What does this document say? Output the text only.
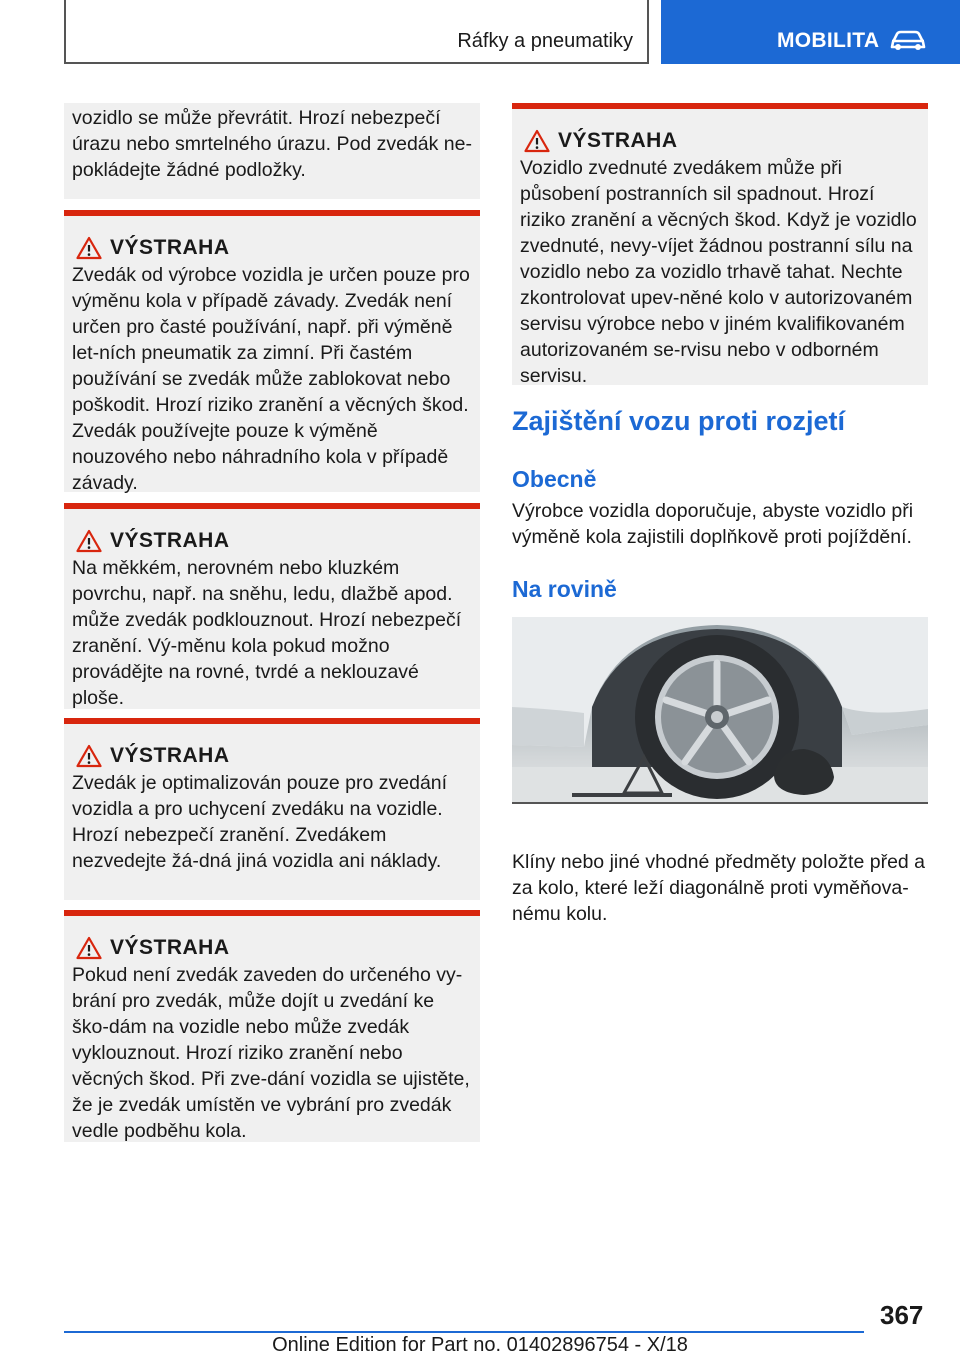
Ráfky a pneumatiky	MOBILITA

vozidlo se může převrátit. Hrozí nebezpečí úrazu nebo smrtelného úrazu. Pod zvedák ne-pokládejte žádné podložky.

VÝSTRAHA

Zvedák od výrobce vozidla je určen pouze pro výměnu kola v případě závady. Zvedák není určen pro časté používání, např. při výměně let-ních pneumatik za zimní. Při častém používání se zvedák může zablokovat nebo poškodit. Hrozí riziko zranění a věcných škod. Zvedák používejte pouze k výměně nouzového nebo náhradního kola v případě závady.

VÝSTRAHA

Na měkkém, nerovném nebo kluzkém povrchu, např. na sněhu, ledu, dlažbě apod. může zvedák podklouznout. Hrozí nebezpečí zranění. Vý-měnu kola pokud možno provádějte na rovné, tvrdé a neklouzavé ploše.

VÝSTRAHA

Zvedák je optimalizován pouze pro zvedání vozidla a pro uchycení zvedáku na vozidle. Hrozí nebezpečí zranění. Zvedákem nezvedejte žá-dná jiná vozidla ani náklady.

VÝSTRAHA

Pokud není zvedák zaveden do určeného vy-brání pro zvedák, může dojít u zvedání ke ško-dám na vozidle nebo může zvedák vyklouznout. Hrozí riziko zranění nebo věcných škod. Při zve-dání vozidla se ujistěte, že je zvedák umístěn ve vybrání pro zvedák vedle podběhu kola.

VÝSTRAHA

Vozidlo zvednuté zvedákem může při působení postranních sil spadnout. Hrozí riziko zranění a věcných škod. Když je vozidlo zvednuté, nevy-víjet žádnou postranní sílu na vozidlo nebo za vozidlo trhavě tahat. Nechte zkontrolovat upev-něné kolo v autorizovaném servisu výrobce nebo v jiném kvalifikovaném autorizovaném se-rvisu nebo v odborném servisu.

Zajištění vozu proti rozjetí
Obecně

Výrobce vozidla doporučuje, abyste vozidlo při výměně kola zajistili doplňkově proti pojíždění.

Na rovině

Klíny nebo jiné vhodné předměty položte před a za kolo, které leží diagonálně proti vyměňova-nému kolu.

367
Online Edition for Part no. 01402896754 - X/18
